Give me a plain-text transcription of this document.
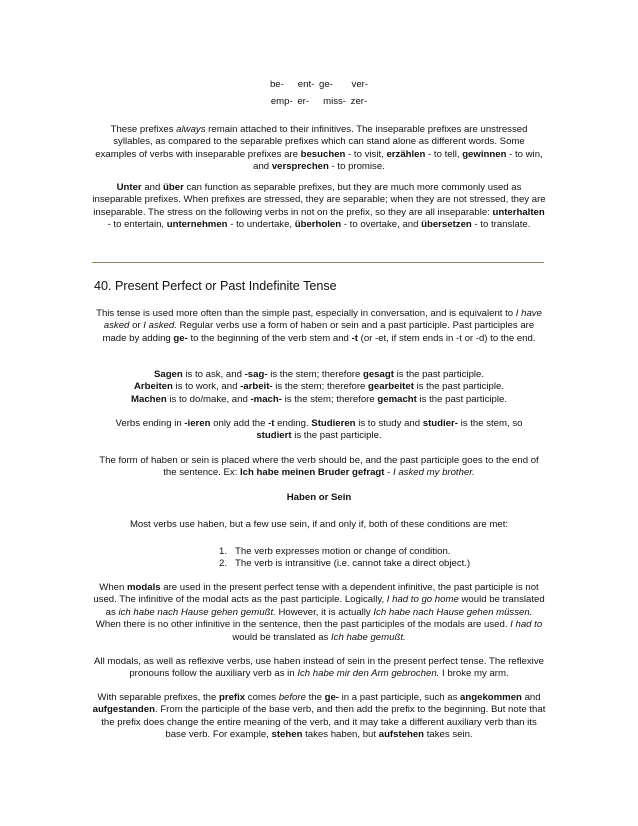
be-   ent- ge-    ver-
emp- er-   miss- zer-

These prefixes always remain attached to their infinitives. The inseparable prefixes are unstressed syllables, as compared to the separable prefixes which can stand alone as different words. Some examples of verbs with inseparable prefixes are besuchen - to visit, erzählen - to tell, gewinnen - to win, and versprechen - to promise.

Unter and über can function as separable prefixes, but they are much more commonly used as inseparable prefixes. When prefixes are stressed, they are separable; when they are not stressed, they are inseparable. The stress on the following verbs in not on the prefix, so they are all inseparable: unterhalten - to entertain, unternehmen - to undertake, überholen - to overtake, and übersetzen - to translate.

40. Present Perfect or Past Indefinite Tense

This tense is used more often than the simple past, especially in conversation, and is equivalent to I have asked or I asked. Regular verbs use a form of haben or sein and a past participle. Past participles are made by adding ge- to the beginning of the verb stem and -t (or -et, if stem ends in -t or -d) to the end.

Sagen is to ask, and -sag- is the stem; therefore gesagt is the past participle.
Arbeiten is to work, and -arbeit- is the stem; therefore gearbeitet is the past participle.
Machen is to do/make, and -mach- is the stem; therefore gemacht is the past participle.

Verbs ending in -ieren only add the -t ending. Studieren is to study and studier- is the stem, so studiert is the past participle.

The form of haben or sein is placed where the verb should be, and the past participle goes to the end of the sentence. Ex: Ich habe meinen Bruder gefragt - I asked my brother.

Haben or Sein

Most verbs use haben, but a few use sein, if and only if, both of these conditions are met:

1. The verb expresses motion or change of condition.
2. The verb is intransitive (i.e. cannot take a direct object.)

When modals are used in the present perfect tense with a dependent infinitive, the past participle is not used. The infinitive of the modal acts as the past participle. Logically, I had to go home would be translated as ich habe nach Hause gehen gemußt. However, it is actually Ich habe nach Hause gehen müssen. When there is no other infinitive in the sentence, then the past participles of the modals are used. I had to would be translated as Ich habe gemußt.

All modals, as well as reflexive verbs, use haben instead of sein in the present perfect tense. The reflexive pronouns follow the auxiliary verb as in Ich habe mir den Arm gebrochen. I broke my arm.

With separable prefixes, the prefix comes before the ge- in a past participle, such as angekommen and aufgestanden. From the participle of the base verb, and then add the prefix to the beginning. But note that the prefix does change the entire meaning of the verb, and it may take a different auxiliary verb than its base verb. For example, stehen takes haben, but aufstehen takes sein.
